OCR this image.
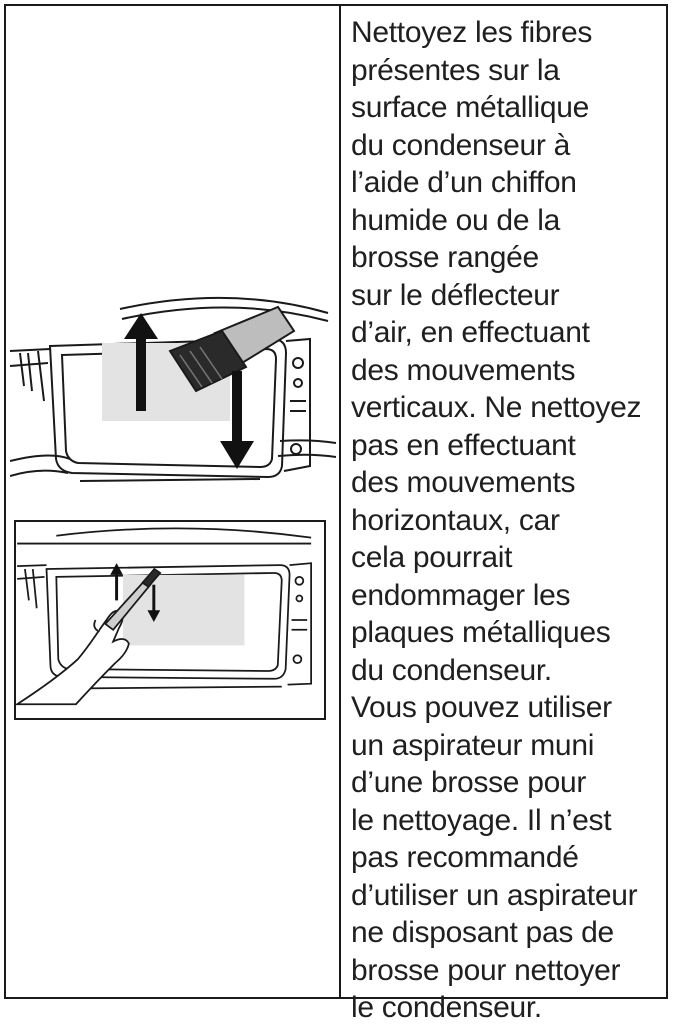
Nettoyez les fibres
présentes sur la
surface métallique
du condenseur à
l’aide d’un chiffon
humide ou de la
brosse rangée
sur le déflecteur
d’air, en effectuant
des mouvements
verticaux. Ne nettoyez
pas en effectuant
des mouvements
horizontaux, car
cela pourrait
endommager les
plaques métalliques
du condenseur.
Vous pouvez utiliser
un aspirateur muni
d’une brosse pour
le nettoyage. Il n’est
pas recommandé
d’utiliser un aspirateur
ne disposant pas de
brosse pour nettoyer
le condenseur.
